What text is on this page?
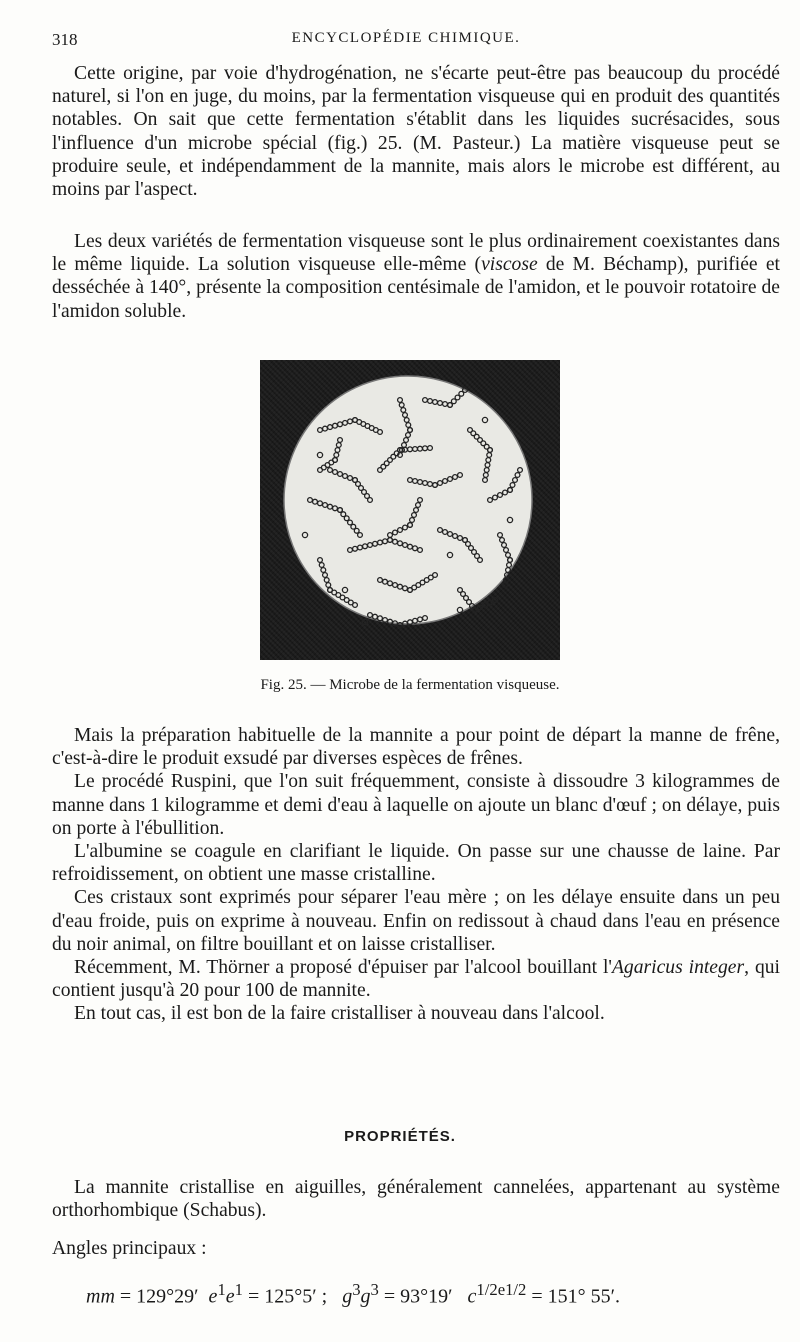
318	ENCYCLOPÉDIE CHIMIQUE.

Cette origine, par voie d'hydrogénation, ne s'écarte peut-être pas beaucoup du procédé naturel, si l'on en juge, du moins, par la fermentation visqueuse qui en produit des quantités notables. On sait que cette fermentation s'établit dans les liquides sucrésacides, sous l'influence d'un microbe spécial (fig.) 25. (M. Pasteur.) La matière visqueuse peut se produire seule, et indépendamment de la mannite, mais alors le microbe est différent, au moins par l'aspect.

Les deux variétés de fermentation visqueuse sont le plus ordinairement coexistantes dans le même liquide. La solution visqueuse elle-même (viscose de M. Béchamp), purifiée et desséchée à 140°, présente la composition centésimale de l'amidon, et le pouvoir rotatoire de l'amidon soluble.

Fig. 25. — Microbe de la fermentation visqueuse.

Mais la préparation habituelle de la mannite a pour point de départ la manne de frêne, c'est-à-dire le produit exsudé par diverses espèces de frênes.

Le procédé Ruspini, que l'on suit fréquemment, consiste à dissoudre 3 kilogrammes de manne dans 1 kilogramme et demi d'eau à laquelle on ajoute un blanc d'œuf ; on délaye, puis on porte à l'ébullition.

L'albumine se coagule en clarifiant le liquide. On passe sur une chausse de laine. Par refroidissement, on obtient une masse cristalline.

Ces cristaux sont exprimés pour séparer l'eau mère ; on les délaye ensuite dans un peu d'eau froide, puis on exprime à nouveau. Enfin on redissout à chaud dans l'eau en présence du noir animal, on filtre bouillant et on laisse cristalliser.

Récemment, M. Thörner a proposé d'épuiser par l'alcool bouillant l'Agaricus integer, qui contient jusqu'à 20 pour 100 de mannite.

En tout cas, il est bon de la faire cristalliser à nouveau dans l'alcool.

PROPRIÉTÉS.

La mannite cristallise en aiguilles, généralement cannelées, appartenant au système orthorhombique (Schabus).

Angles principaux :
mm = 129°29′ $e^1e^1 = 125^\circ 5'$ ;   $g^3g^3 = 93^\circ 19'$ $c^{1/2e1/2} = 151^\circ$ 55′.
